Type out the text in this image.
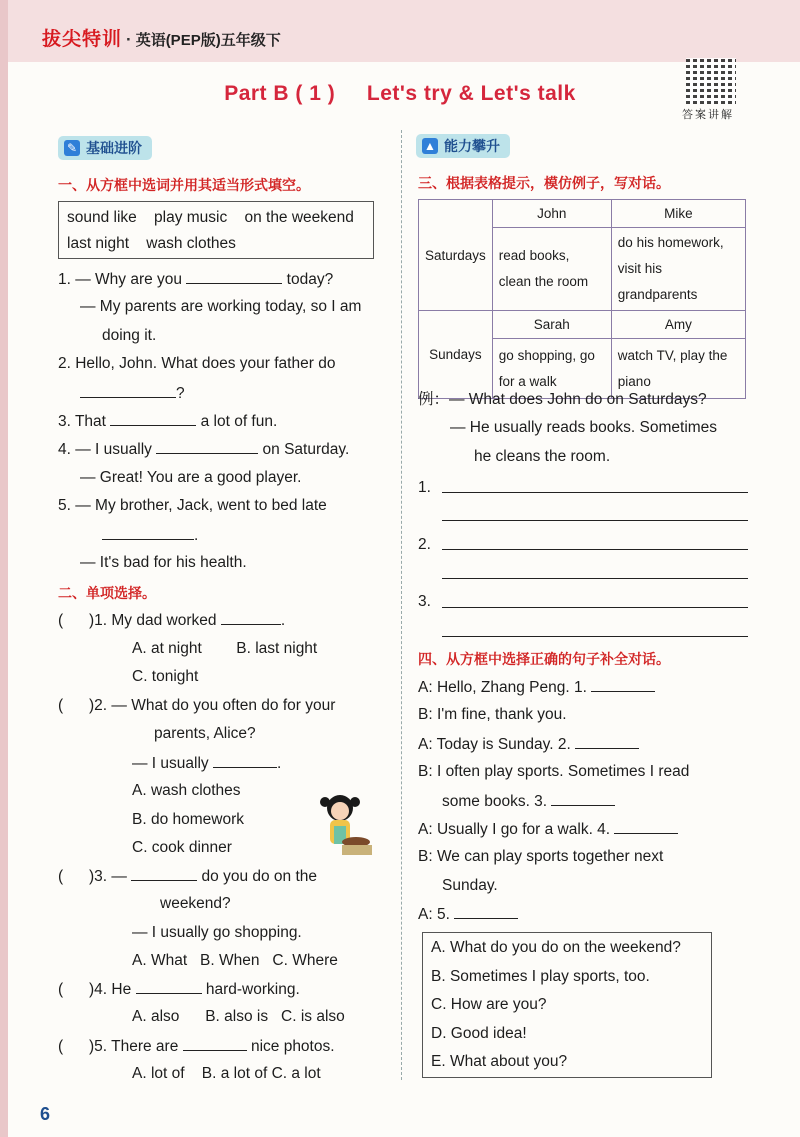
拔尖特训 · 英语(PEP版)五年级下
Part B ( 1 )     Let's try & Let's talk
答案讲解
✎ 基础进阶
一、从方框中选词并用其适当形式填空。
sound like    play music    on the weekend
last night    wash clothes
1. — Why are you	today?
— My parents are working today, so I am
doing it.
2. Hello, John. What does your father do
?
3. That	a lot of fun.
4. — I usually	on Saturday.
— Great! You are a good player.
5. — My brother, Jack, went to bed late
.
— It's bad for his health.
二、单项选择。
(      )1. My dad worked	.
A. at night        B. last night
C. tonight
(      )2. — What do you often do for your
parents, Alice?
— I usually	.
A. wash clothes
B. do homework
C. cook dinner
(      )3. —	do you do on the
weekend?
— I usually go shopping.
A. What   B. When   C. Where
(      )4. He	hard-working.
A. also      B. also is   C. is also
(      )5. There are	nice photos.
A. lot of    B. a lot of C. a lot
▲ 能力攀升
三、根据表格提示，模仿例子，写对话。
Saturdays	John	Mike
	read books, clean the room	do his homework, visit his grandparents
Sundays	Sarah	Amy
	go shopping, go for a walk	watch TV, play the piano
例：— What does John do on Saturdays?
— He usually reads books. Sometimes
he cleans the room.
1.
2.
3.
四、从方框中选择正确的句子补全对话。
A: Hello, Zhang Peng. 1.
B: I'm fine, thank you.
A: Today is Sunday. 2.
B: I often play sports. Sometimes I read
some books. 3.
A: Usually I go for a walk. 4.
B: We can play sports together next
Sunday.
A: 5.
A. What do you do on the weekend?
B. Sometimes I play sports, too.
C. How are you?
D. Good idea!
E. What about you?
6
